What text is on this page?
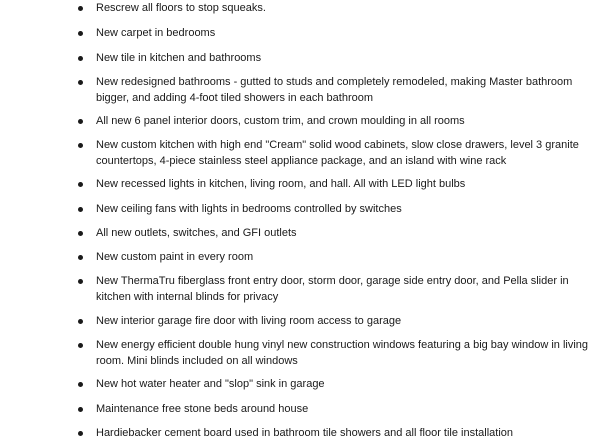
Rescrew all floors to stop squeaks.
New carpet in bedrooms
New tile in kitchen and bathrooms
New redesigned bathrooms - gutted to studs and completely remodeled, making Master bathroom bigger, and adding 4-foot tiled showers in each bathroom
All new 6 panel interior doors, custom trim, and crown moulding in all rooms
New custom kitchen with high end "Cream" solid wood cabinets, slow close drawers, level 3 granite countertops, 4-piece stainless steel appliance package, and an island with wine rack
New recessed lights in kitchen, living room, and hall. All with LED light bulbs
New ceiling fans with lights in bedrooms controlled by switches
All new outlets, switches, and GFI outlets
New custom paint in every room
New ThermaTru fiberglass front entry door, storm door, garage side entry door, and Pella slider in kitchen with internal blinds for privacy
New interior garage fire door with living room access to garage
New energy efficient double hung vinyl new construction windows featuring a big bay window in living room. Mini blinds included on all windows
New hot water heater and "slop" sink in garage
Maintenance free stone beds around house
Hardiebacker cement board used in bathroom tile showers and all floor tile installation
